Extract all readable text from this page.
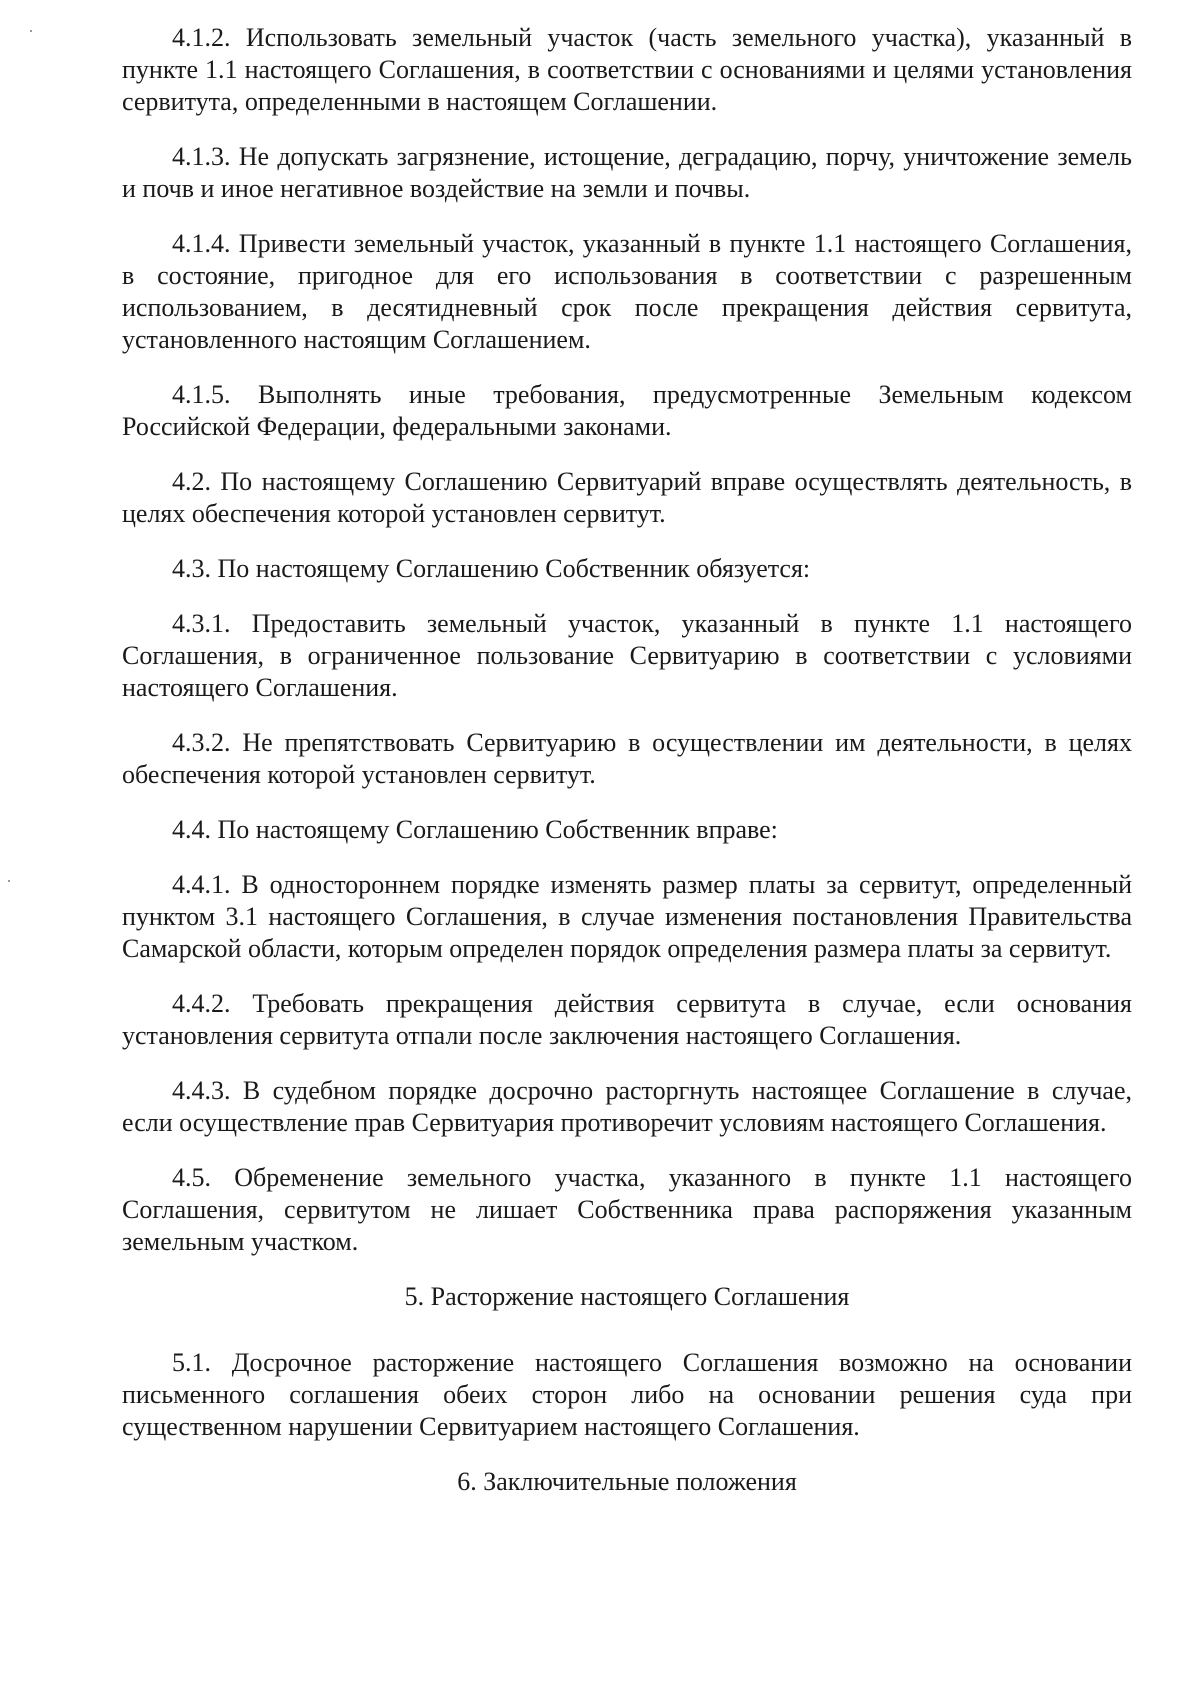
4.1.2. Использовать земельный участок (часть земельного участка), указанный в пункте 1.1 настоящего Соглашения, в соответствии с основаниями и целями установления сервитута, определенными в настоящем Соглашении.

4.1.3. Не допускать загрязнение, истощение, деградацию, порчу, уничтожение земель и почв и иное негативное воздействие на земли и почвы.

4.1.4. Привести земельный участок, указанный в пункте 1.1 настоящего Соглашения, в состояние, пригодное для его использования в соответствии с разрешенным использованием, в десятидневный срок после прекращения действия сервитута, установленного настоящим Соглашением.

4.1.5. Выполнять иные требования, предусмотренные Земельным кодексом Российской Федерации, федеральными законами.

4.2. По настоящему Соглашению Сервитуарий вправе осуществлять деятельность, в целях обеспечения которой установлен сервитут.

4.3. По настоящему Соглашению Собственник обязуется:

4.3.1. Предоставить земельный участок, указанный в пункте 1.1 настоящего Соглашения, в ограниченное пользование Сервитуарию в соответствии с условиями настоящего Соглашения.

4.3.2. Не препятствовать Сервитуарию в осуществлении им деятельности, в целях обеспечения которой установлен сервитут.

4.4. По настоящему Соглашению Собственник вправе:

4.4.1. В одностороннем порядке изменять размер платы за сервитут, определенный пунктом 3.1 настоящего Соглашения, в случае изменения постановления Правительства Самарской области, которым определен порядок определения размера платы за сервитут.

4.4.2. Требовать прекращения действия сервитута в случае, если основания установления сервитута отпали после заключения настоящего Соглашения.

4.4.3. В судебном порядке досрочно расторгнуть настоящее Соглашение в случае, если осуществление прав Сервитуария противоречит условиям настоящего Соглашения.

4.5. Обременение земельного участка, указанного в пункте 1.1 настоящего Соглашения, сервитутом не лишает Собственника права распоряжения указанным земельным участком.

5. Расторжение настоящего Соглашения

5.1. Досрочное расторжение настоящего Соглашения возможно на основании письменного соглашения обеих сторон либо на основании решения суда при существенном нарушении Сервитуарием настоящего Соглашения.

6. Заключительные положения
